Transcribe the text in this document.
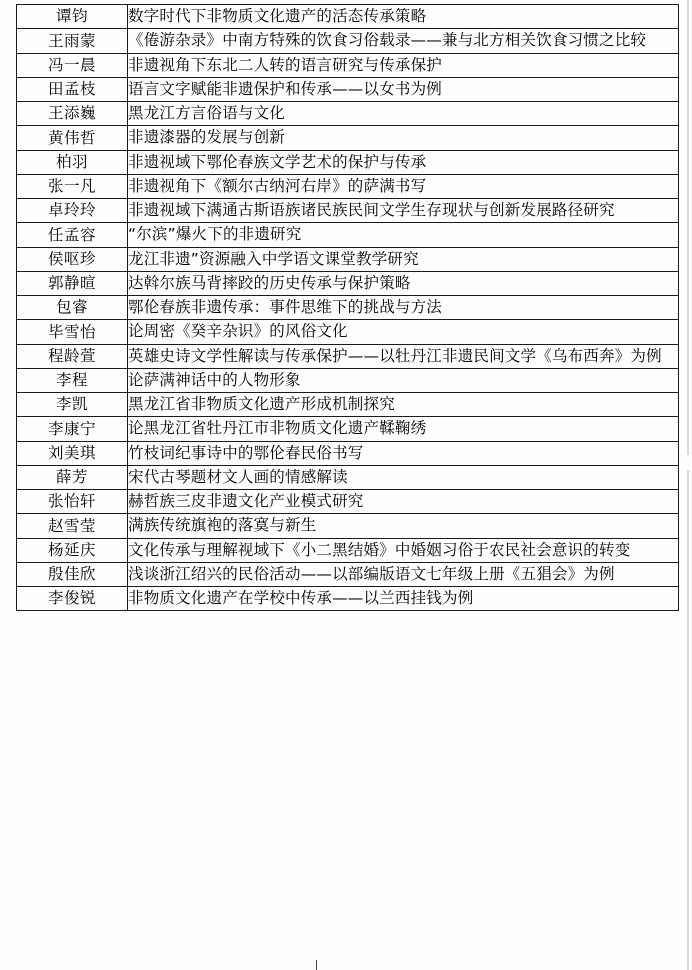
谭钧	数字时代下非物质文化遗产的活态传承策略

王雨蒙	《倦游杂录》中南方特殊的饮食习俗载录——兼与北方相关饮食习惯之比较

冯一晨	非遗视角下东北二人转的语言研究与传承保护

田孟枝	语言文字赋能非遗保护和传承——以女书为例

王添巍	黑龙江方言俗语与文化

黄伟哲	非遗漆器的发展与创新

柏羽	非遗视域下鄂伦春族文学艺术的保护与传承

张一凡	非遗视角下《额尔古纳河右岸》的萨满书写

卓玲玲	非遗视域下满通古斯语族诸民族民间文学生存现状与创新发展路径研究

任孟容	“尔滨”爆火下的非遗研究

侯呕珍	龙江非遗”资源融入中学语文课堂教学研究

郭静暄	达斡尔族马背摔跤的历史传承与保护策略

包睿	鄂伦春族非遗传承：事件思维下的挑战与方法

毕雪怡	论周密《癸辛杂识》的风俗文化

程龄萱	英雄史诗文学性解读与传承保护——以牡丹江非遗民间文学《乌布西奔》为例

李程	论萨满神话中的人物形象

李凯	黑龙江省非物质文化遗产形成机制探究

李康宁	论黑龙江省牡丹江市非物质文化遗产鞣鞠绣

刘美琪	竹枝词纪事诗中的鄂伦春民俗书写

薛芳	宋代古琴题材文人画的情感解读

张怡轩	赫哲族三皮非遗文化产业模式研究

赵雪莹	满族传统旗袍的落寞与新生

杨延庆	文化传承与理解视域下《小二黑结婚》中婚姻习俗于农民社会意识的转变

殷佳欣	浅谈浙江绍兴的民俗活动——以部编版语文七年级上册《五猖会》为例

李俊锐	非物质文化遗产在学校中传承——以兰西挂钱为例
